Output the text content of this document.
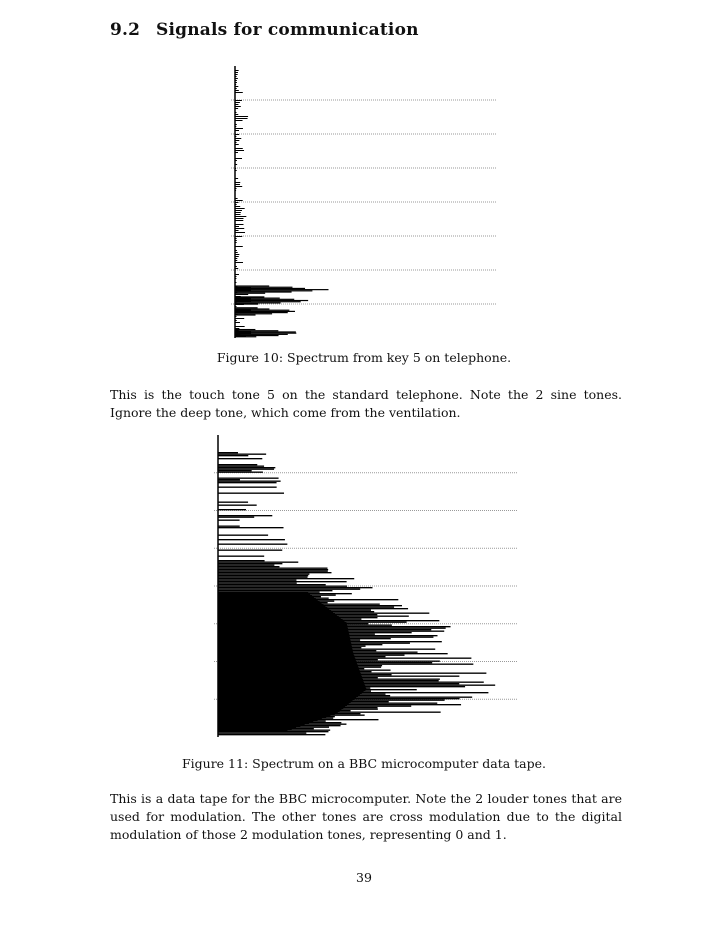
9.2 Signals for communication

Figure 10: Spectrum from key 5 on telephone.

This is the touch tone 5 on the standard telephone. Note the 2 sine tones. Ignore the deep tone, which come from the ventilation.

Figure 11: Spectrum on a BBC microcomputer data tape.

This is a data tape for the BBC microcomputer. Note the 2 louder tones that are used for modulation. The other tones are cross modulation due to the digital modulation of those 2 modulation tones, representing 0 and 1.

39
